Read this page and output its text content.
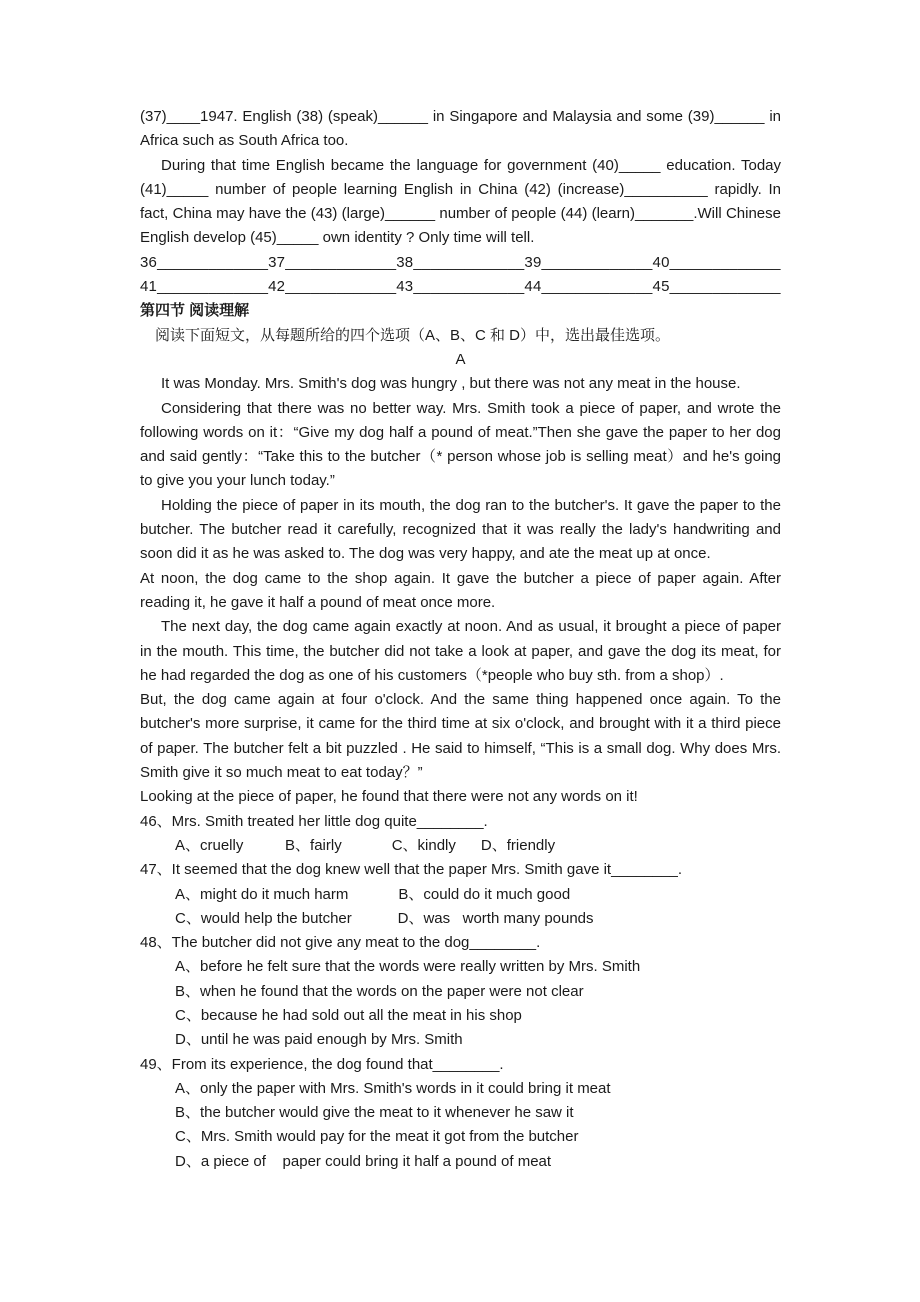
(37)____1947. English (38) (speak)______ in Singapore and Malaysia and some (39)______ in Africa such as South Africa too.
During that time English became the language for government (40)_____ education. Today (41)_____ number of people learning English in China (42) (increase)__________ rapidly. In fact, China may have the (43) (large)______ number of people (44) (learn)_______.Will Chinese English develop (45)_____ own identity ? Only time will tell.
36_____________37_____________38_____________39_____________40_____________
41_____________42_____________43_____________44_____________45_____________
第四节 阅读理解
阅读下面短文，从每题所给的四个选项（A、B、C 和 D）中，选出最佳选项。
A
It was Monday. Mrs. Smith's dog was hungry , but there was not any meat in the house.
Considering that there was no better way. Mrs. Smith took a piece of paper, and wrote the following words on it：“Give my dog half a pound of meat.”Then she gave the paper to her dog and said gently：“Take this to the butcher（* person whose job is selling meat）and he's going to give you your lunch today.”
Holding the piece of paper in its mouth, the dog ran to the butcher's. It gave the paper to the butcher. The butcher read it carefully, recognized that it was really the lady's handwriting and soon did it as he was asked to. The dog was very happy, and ate the meat up at once.
At noon, the dog came to the shop again. It gave the butcher a piece of paper again. After reading it, he gave it half a pound of meat once more.
The next day, the dog came again exactly at noon. And as usual, it brought a piece of paper in the mouth. This time, the butcher did not take a look at paper, and gave the dog its meat, for he had regarded the dog as one of his customers（*people who buy sth. from a shop）.
But, the dog came again at four o'clock. And the same thing happened once again. To the butcher's more surprise, it came for the third time at six o'clock, and brought with it a third piece of paper. The butcher felt a bit puzzled . He said to himself, “This is a small dog. Why does Mrs. Smith give it so much meat to eat today？”
Looking at the piece of paper, he found that there were not any words on it!
46、Mrs. Smith treated her little dog quite________.
A、cruelly          B、fairly            C、kindly      D、friendly
47、It seemed that the dog knew well that the paper Mrs. Smith gave it________.
A、might do it much harm            B、could do it much good
C、would help the butcher           D、was   worth many pounds
48、The butcher did not give any meat to the dog________.
A、before he felt sure that the words were really written by Mrs. Smith
B、when he found that the words on the paper were not clear
C、because he had sold out all the meat in his shop
D、until he was paid enough by Mrs. Smith
49、From its experience, the dog found that________.
A、only the paper with Mrs. Smith's words in it could bring it meat
B、the butcher would give the meat to it whenever he saw it
C、Mrs. Smith would pay for the meat it got from the butcher
D、a piece of    paper could bring it half a pound of meat
